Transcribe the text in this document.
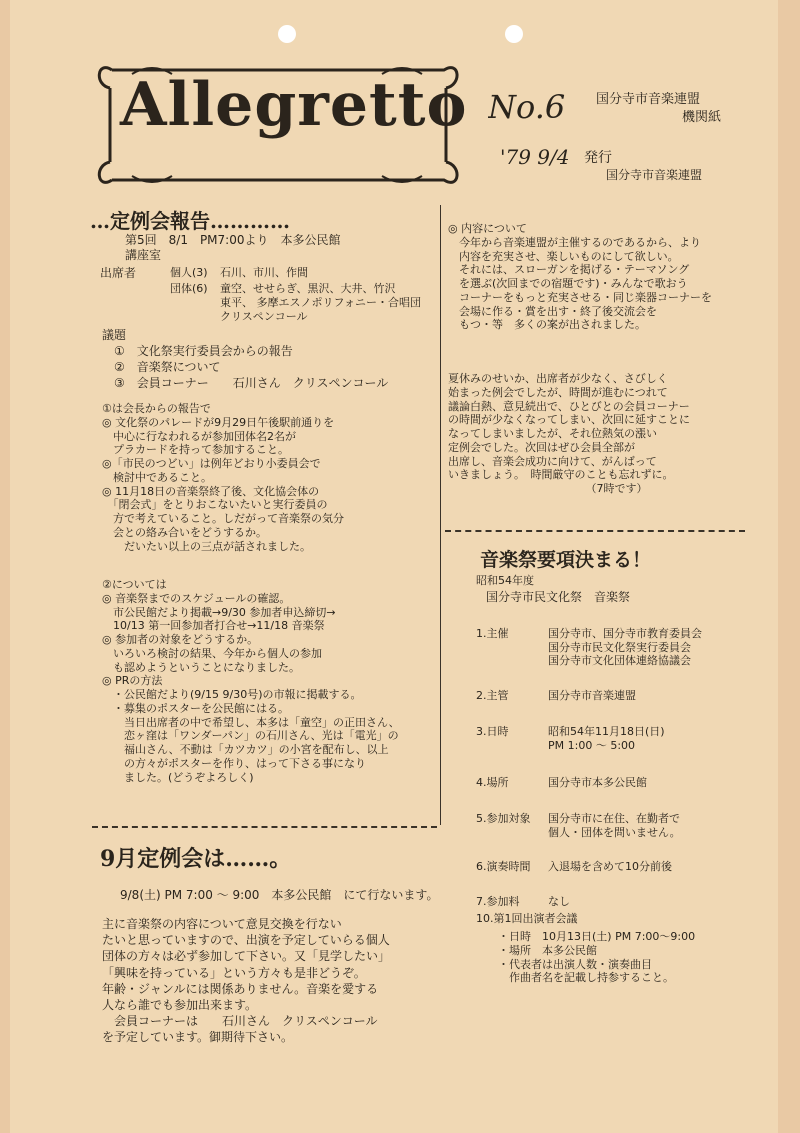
Allegretto No.6	国分寺市音楽連盟
機関紙
'79 9/4	発行
国分寺市音楽連盟
…定例会報告…………
第5回　8/1　PM7:00より　本多公民館
講座室
出席者	個人(3)	石川、市川、作間
団体(6)	童空、せせらぎ、黒沢、大井、竹沢
東平、 多摩エスノポリフォニー・合唱団
クリスペンコール
議題
①　文化祭実行委員会からの報告
②　音楽祭について
③　会員コーナー　　石川さん　クリスペンコール
①は会長からの報告で
◎ 文化祭のパレードが9月29日午後駅前通りを
　中心に行なわれるが参加団体名2名が
　プラカードを持って参加すること。
◎「市民のつどい」は例年どおり小委員会で
　検討中であること。
◎ 11月18日の音楽祭終了後、文化協会体の
　「閉会式」をとりおこないたいと実行委員の
　方で考えていること。しだがって音楽祭の気分
　会との絡み合いをどうするか。
　　だいたい以上の三点が話されました。
②については
◎ 音楽祭までのスケジュールの確認。
　市公民館だより掲載→9/30 参加者申込締切→
　10/13 第一回参加者打合せ→11/18 音楽祭
◎ 参加者の対象をどうするか。
　いろいろ検討の結果、今年から個人の参加
　も認めようということになりました。
◎ PRの方法
　・公民館だより(9/15 9/30号)の市報に掲載する。
　・募集のポスターを公民館にはる。
　　当日出席者の中で希望し、本多は「童空」の正田さん、
　　恋ヶ窪は「ワンダーパン」の石川さん、光は「電光」の
　　福山さん、不動は「カツカツ」の小宮を配布し、以上
　　の方々がポスターを作り、はって下さる事になり
　　ました。(どうぞよろしく)
◎ 内容について
　今年から音楽連盟が主催するのであるから、より
　内容を充実させ、楽しいものにして欲しい。
　それには、スローガンを掲げる・テーマソング
　を選ぶ(次回までの宿題です)・みんなで歌おう
　コーナーをもっと充実させる・同じ楽器コーナーを
　会場に作る・賞を出す・終了後交流会を
　もつ・等　多くの案が出されました。
夏休みのせいか、出席者が少なく、さびしく
始まった例会でしたが、時間が進むにつれて
議論白熱、意見続出で、ひとびとの会員コーナー
の時間が少なくなってしまい、次回に延すことに
なってしまいましたが、それ位熱気の漲い
定例会でした。次回はぜひ会員全部が
出席し、音楽会成功に向けて、がんばって
いきましょう。　時間厳守のことも忘れずに。
　　　　　　　　　　　　　（7時です）
音楽祭要項決まる！
昭和54年度
国分寺市民文化祭　音楽祭

1.主催	国分寺市、国分寺市教育委員会
国分寺市民文化祭実行委員会
国分寺市文化団体連絡協議会

2.主管	国分寺市音楽連盟

3.日時	昭和54年11月18日(日)
PM 1:00 〜 5:00

4.場所	国分寺市本多公民館

5.参加対象	国分寺市に在住、在勤者で
個人・団体を問いません。

6.演奏時間	入退場を含めて10分前後

7.参加料	なし

10.第1回出演者会議
・日時　10月13日(土) PM 7:00〜9:00
・場所　本多公民館
・代表者は出演人数・演奏曲目
　作曲者名を記載し持参すること。
9月定例会は……。
9/8(土) PM 7:00 〜 9:00　本多公民館　にて行ないます。
主に音楽祭の内容について意見交換を行ない
たいと思っていますので、出演を予定していらる個人
団体の方々は必ず参加して下さい。又「見学したい」
「興味を持っている」という方々も是非どうぞ。
年齢・ジャンルには関係ありません。音楽を愛する
人なら誰でも参加出来ます。
　会員コーナーは　　石川さん　クリスペンコール
を予定しています。御期待下さい。
